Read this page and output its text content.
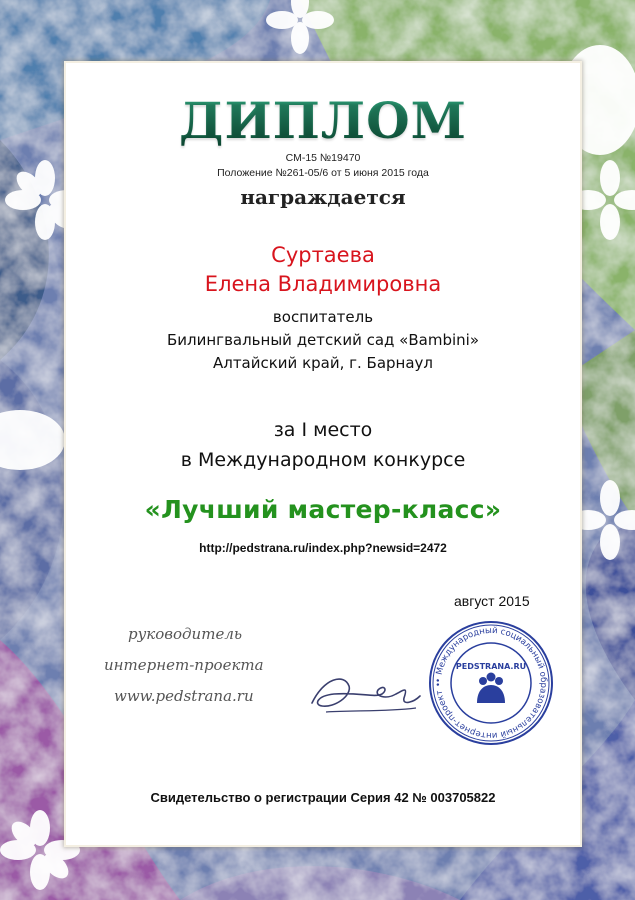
ДИПЛОМ
СМ-15 №19470
Положение №261-05/6 от 5 июня 2015 года
награждается
Суртаева
Елена Владимировна
воспитатель
Билингвальный детский сад «Bambini»
Алтайский край, г. Барнаул
за I место
в Международном конкурсе
«Лучший мастер-класс»
http://pedstrana.ru/index.php?newsid=2472
август 2015
руководитель
интернет-проекта
www.pedstrana.ru
• Международный социальный образовательный интернет-проект •
PEDSTRANA.RU
Свидетельство о регистрации Серия 42 № 003705822
